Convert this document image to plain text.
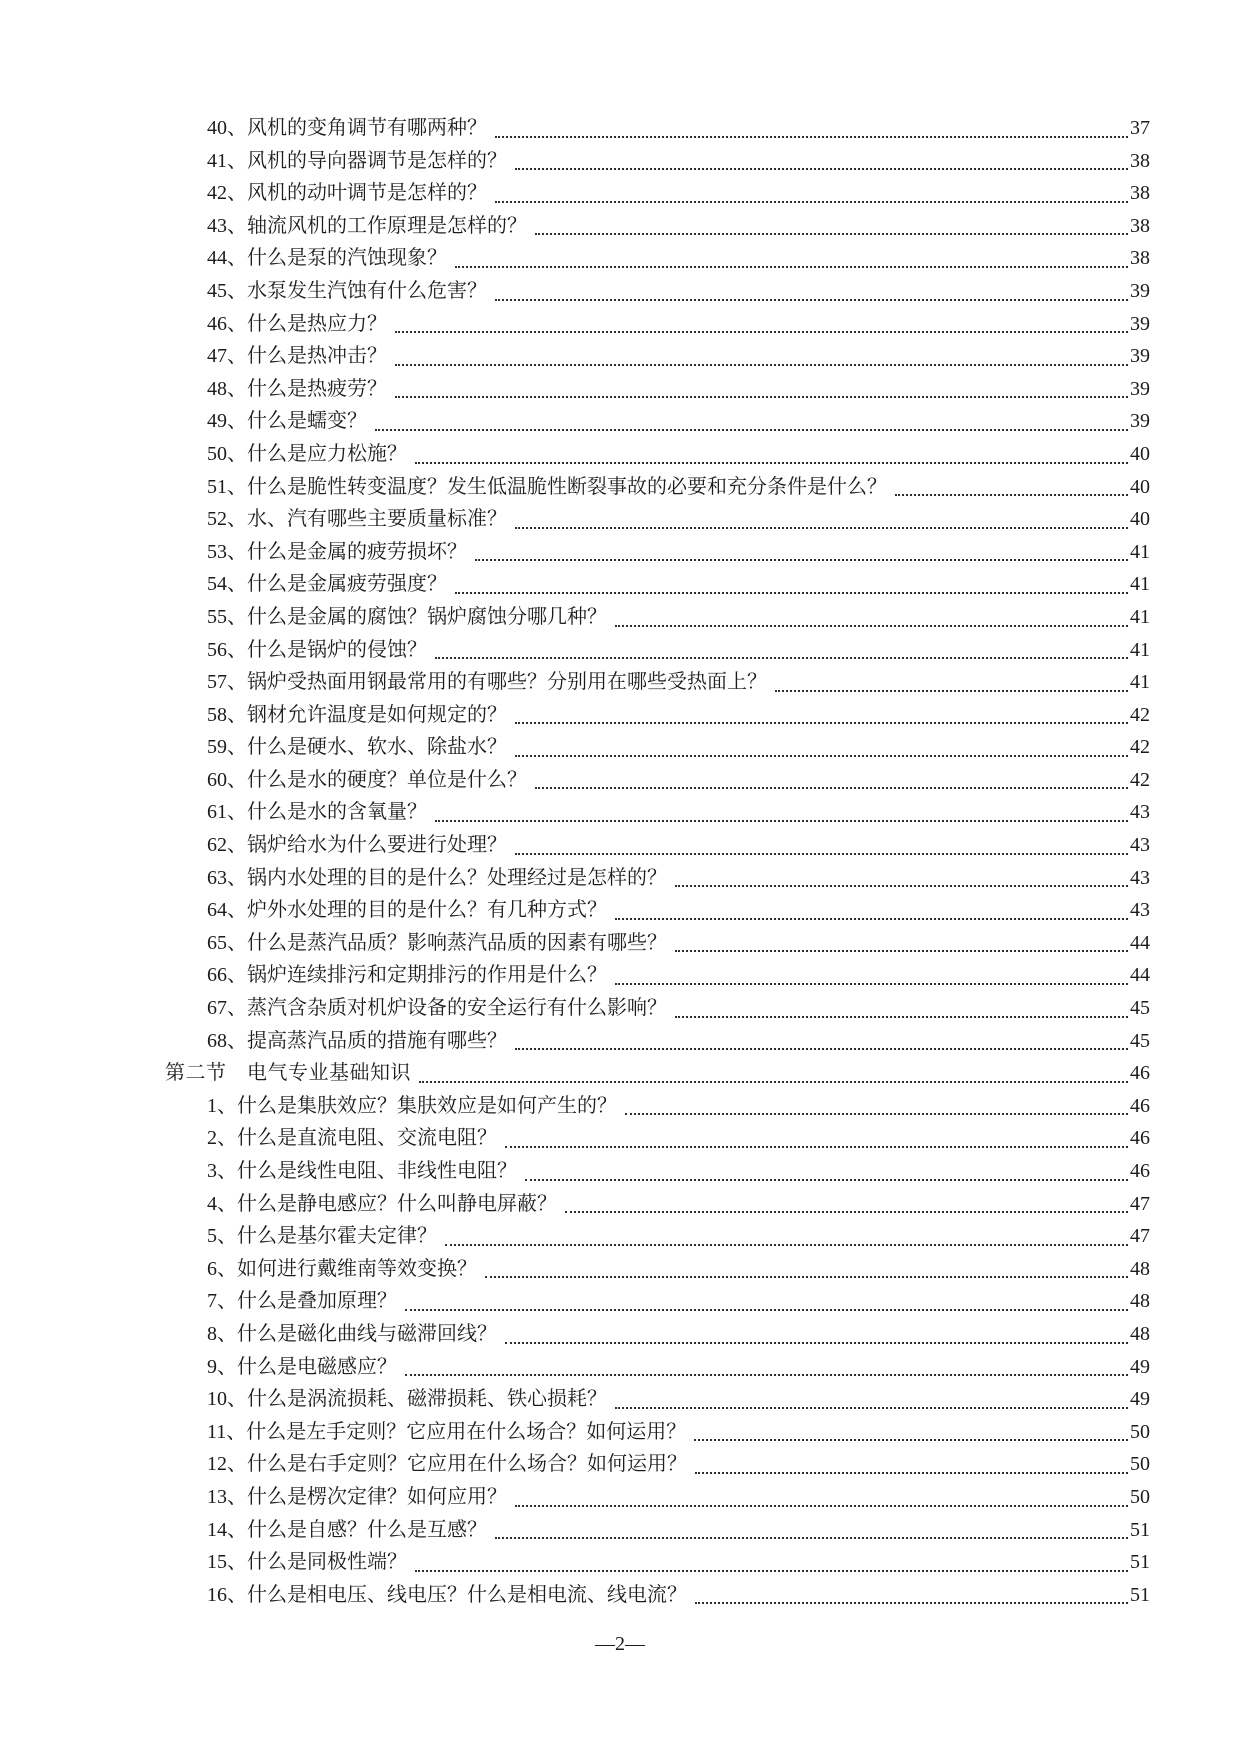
40、风机的变角调节有哪两种？	37
41、风机的导向器调节是怎样的？	38
42、风机的动叶调节是怎样的？	38
43、轴流风机的工作原理是怎样的？	38
44、什么是泵的汽蚀现象？	38
45、水泵发生汽蚀有什么危害？	39
46、什么是热应力？	39
47、什么是热冲击？	39
48、什么是热疲劳？	39
49、什么是蠕变？	39
50、什么是应力松施？	40
51、什么是脆性转变温度？发生低温脆性断裂事故的必要和充分条件是什么？	40
52、水、汽有哪些主要质量标准？	40
53、什么是金属的疲劳损坏？	41
54、什么是金属疲劳强度？	41
55、什么是金属的腐蚀？锅炉腐蚀分哪几种？	41
56、什么是锅炉的侵蚀？	41
57、锅炉受热面用钢最常用的有哪些？分别用在哪些受热面上？	41
58、钢材允许温度是如何规定的？	42
59、什么是硬水、软水、除盐水？	42
60、什么是水的硬度？单位是什么？	42
61、什么是水的含氧量？	43
62、锅炉给水为什么要进行处理？	43
63、锅内水处理的目的是什么？处理经过是怎样的？	43
64、炉外水处理的目的是什么？有几种方式？	43
65、什么是蒸汽品质？影响蒸汽品质的因素有哪些？	44
66、锅炉连续排污和定期排污的作用是什么？	44
67、蒸汽含杂质对机炉设备的安全运行有什么影响？	45
68、提高蒸汽品质的措施有哪些？	45
第二节　电气专业基础知识	46
1、什么是集肤效应？集肤效应是如何产生的？	46
2、什么是直流电阻、交流电阻？	46
3、什么是线性电阻、非线性电阻？	46
4、什么是静电感应？什么叫静电屏蔽？	47
5、什么是基尔霍夫定律？	47
6、如何进行戴维南等效变换？	48
7、什么是叠加原理？	48
8、什么是磁化曲线与磁滞回线？	48
9、什么是电磁感应？	49
10、什么是涡流损耗、磁滞损耗、铁心损耗？	49
11、什么是左手定则？它应用在什么场合？如何运用？	50
12、什么是右手定则？它应用在什么场合？如何运用？	50
13、什么是楞次定律？如何应用？	50
14、什么是自感？什么是互感？	51
15、什么是同极性端？	51
16、什么是相电压、线电压？什么是相电流、线电流？	51
—2—
